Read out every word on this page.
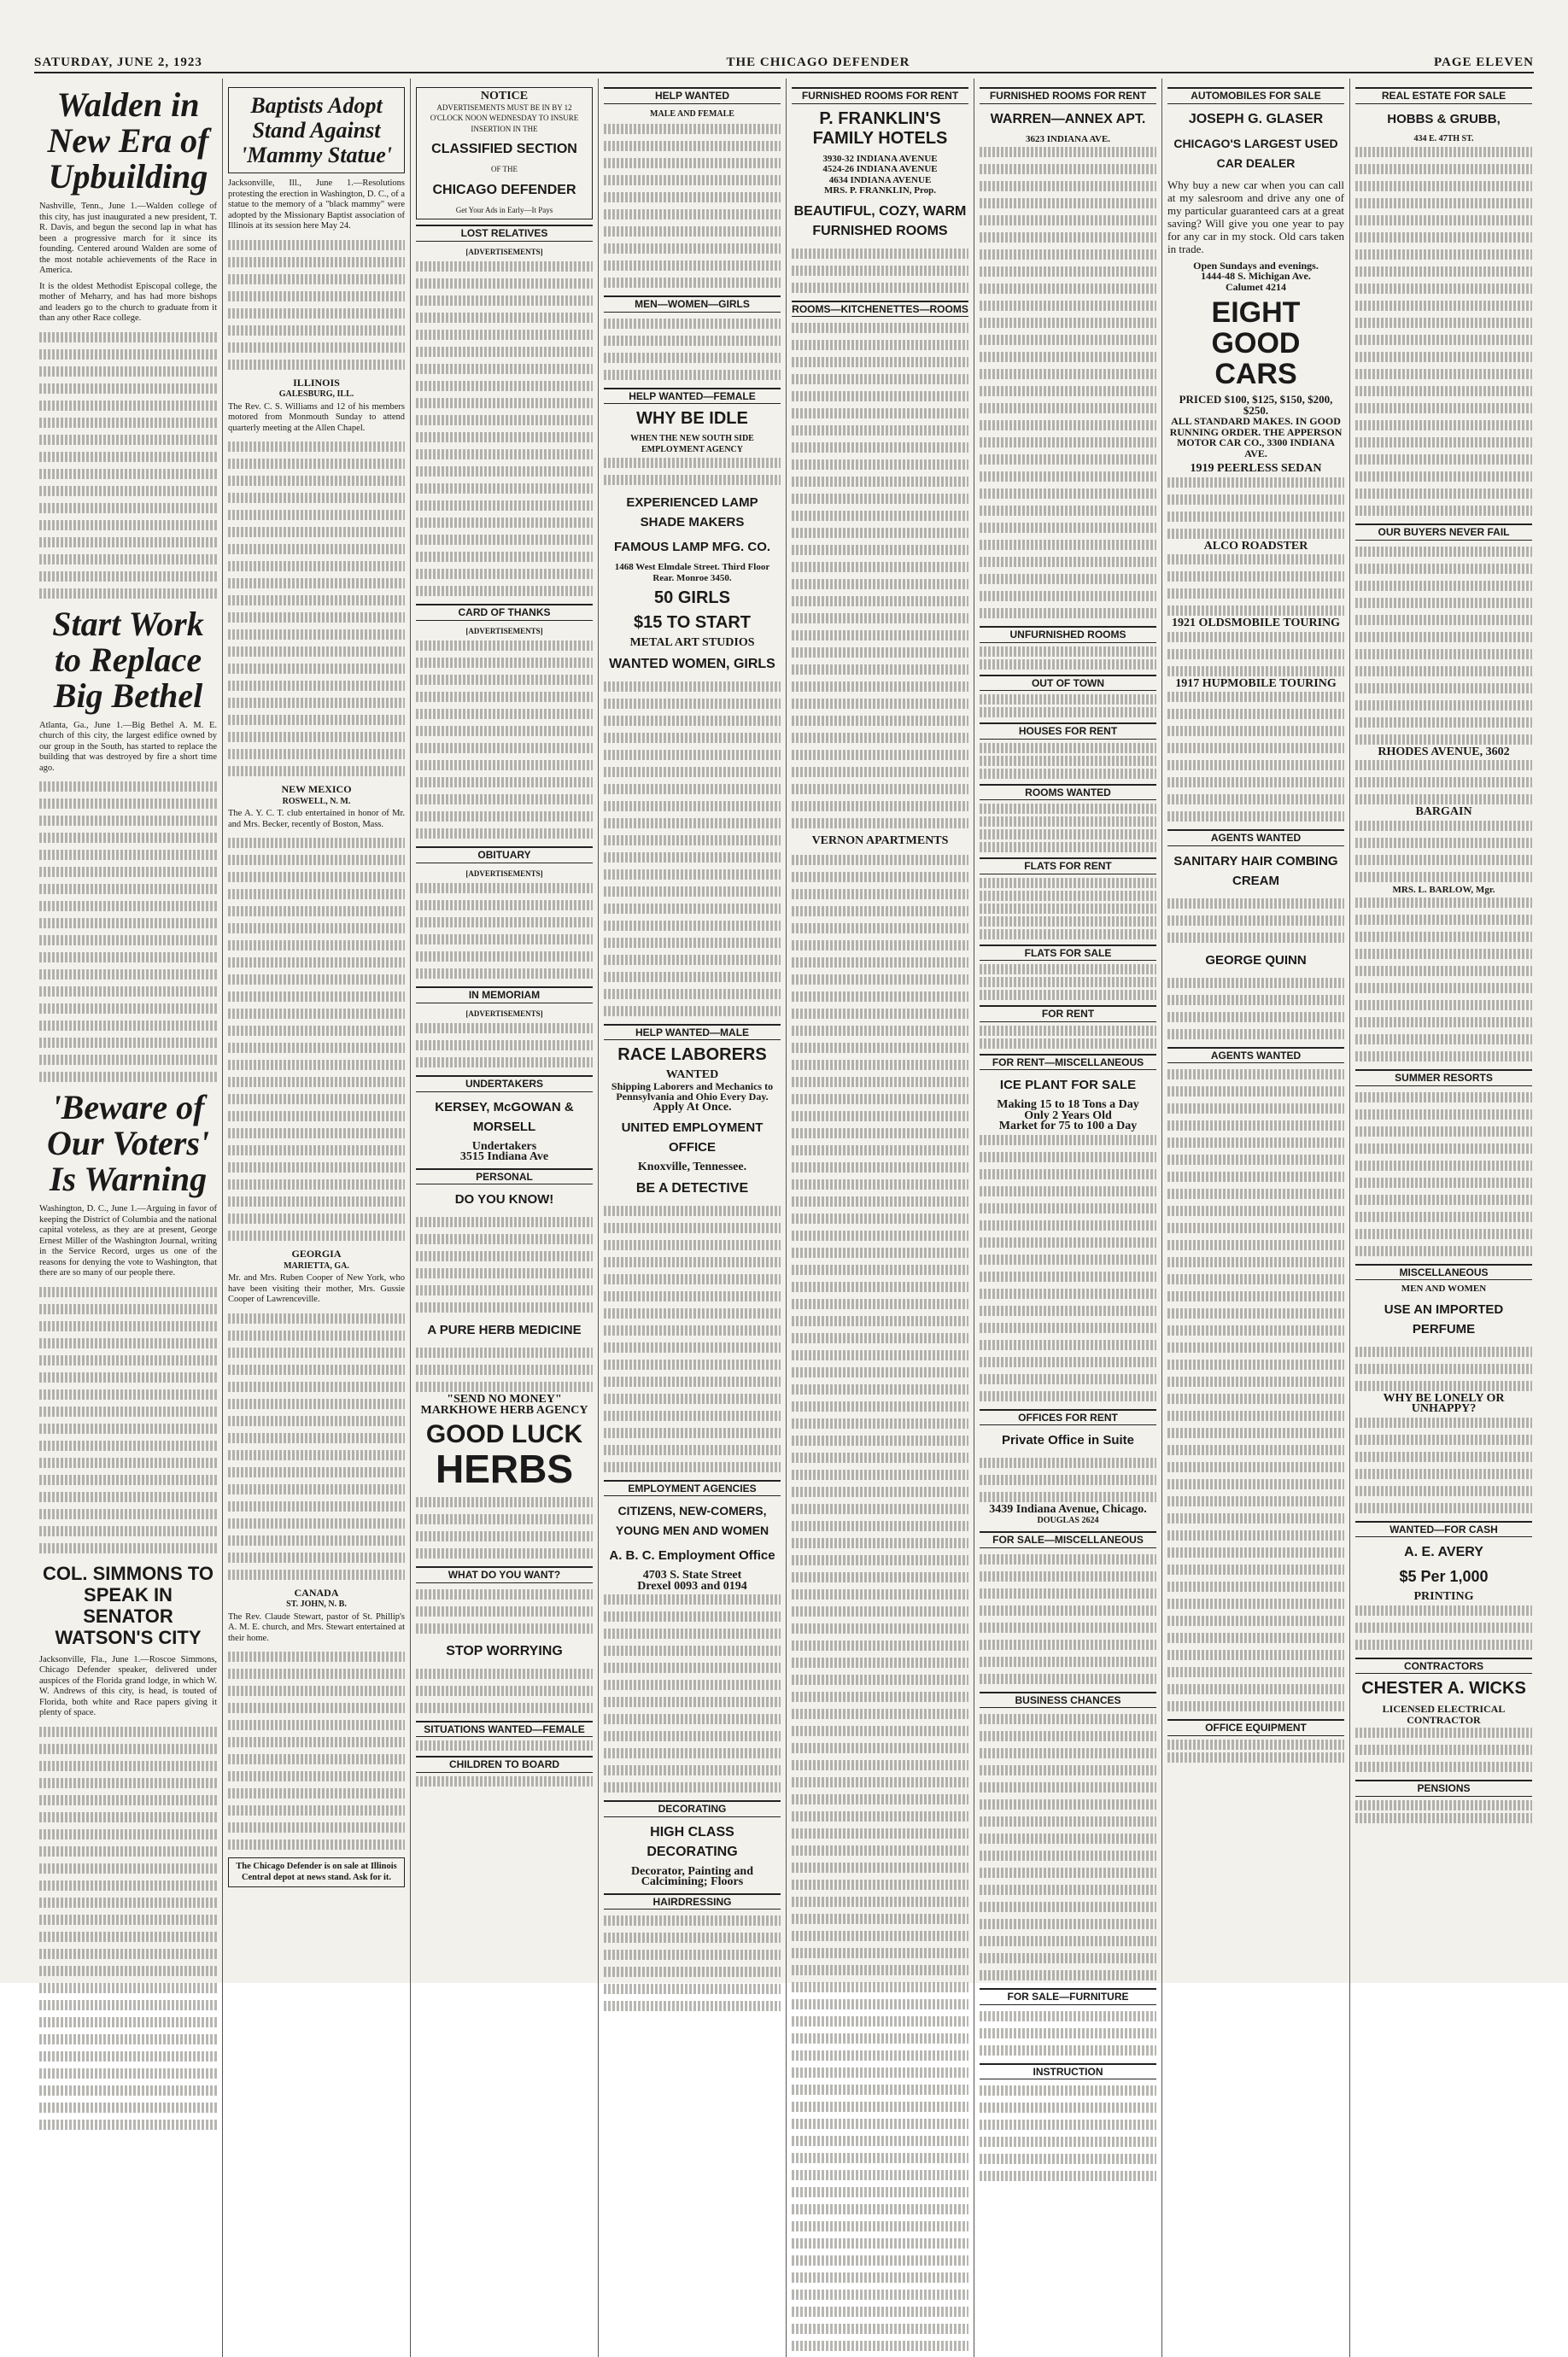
SATURDAY, JUNE 2, 1923	THE CHICAGO DEFENDER	PAGE ELEVEN
Walden in New Era of Upbuilding

Nashville, Tenn., June 1.—Walden college of this city, has just inaugurated a new president, T. R. Davis, and begun the second lap in what has been a progressive march for it since its founding. Centered around Walden are some of the most notable achievements of the Race in America.

It is the oldest Methodist Episcopal college, the mother of Meharry, and has had more bishops and leaders go to the church to graduate from it than any other Race college.

Start Work to Replace Big Bethel

Atlanta, Ga., June 1.—Big Bethel A. M. E. church of this city, the largest edifice owned by our group in the South, has started to replace the building that was destroyed by fire a short time ago.

'Beware of Our Voters' Is Warning

Washington, D. C., June 1.—Arguing in favor of keeping the District of Columbia and the national capital voteless, as they are at present, George Ernest Miller of the Washington Journal, writing in the Service Record, urges us one of the reasons for denying the vote to Washington, that there are so many of our people there.

COL. SIMMONS TO SPEAK IN SENATOR WATSON'S CITY

Jacksonville, Fla., June 1.—Roscoe Simmons, Chicago Defender speaker, delivered under auspices of the Florida grand lodge, in which W. W. Andrews of this city, is head, is touted of Florida, both white and Race papers giving it plenty of space.

Baptists Adopt Stand Against 'Mammy Statue'

Jacksonville, Ill., June 1.—Resolutions protesting the erection in Washington, D. C., of a statue to the memory of a "black mammy" were adopted by the Missionary Baptist association of Illinois at its session here May 24.

ILLINOIS
GALESBURG, ILL.

The Rev. C. S. Williams and 12 of his members motored from Monmouth Sunday to attend quarterly meeting at the Allen Chapel.

NEW MEXICO
ROSWELL, N. M.

The A. Y. C. T. club entertained in honor of Mr. and Mrs. Becker, recently of Boston, Mass.

GEORGIA
MARIETTA, GA.

Mr. and Mrs. Ruben Cooper of New York, who have been visiting their mother, Mrs. Gussie Cooper of Lawrenceville.

CANADA
ST. JOHN, N. B.

The Rev. Claude Stewart, pastor of St. Phillip's A. M. E. church, and Mrs. Stewart entertained at their home.

The Chicago Defender is on sale at Illinois Central depot at news stand. Ask for it.
NOTICE
ADVERTISEMENTS MUST BE IN BY 12 O'CLOCK NOON WEDNESDAY TO INSURE INSERTION IN THE
CLASSIFIED SECTION
OF THE
CHICAGO DEFENDER
Get Your Ads in Early—It Pays
LOST RELATIVES
[ADVERTISEMENTS]
CARD OF THANKS
[ADVERTISEMENTS]
OBITUARY
[ADVERTISEMENTS]
IN MEMORIAM
[ADVERTISEMENTS]
UNDERTAKERS
KERSEY, McGOWAN & MORSELL
Undertakers
3515 Indiana Ave
PERSONAL
DO YOU KNOW!
A PURE HERB MEDICINE
"SEND NO MONEY"
MARKHOWE HERB AGENCY
GOOD LUCK
HERBS
WHAT DO YOU WANT?
STOP WORRYING
SITUATIONS WANTED—FEMALE
CHILDREN TO BOARD
HELP WANTED
MALE AND FEMALE
MEN—WOMEN—GIRLS
HELP WANTED—FEMALE
WHY BE IDLE
WHEN THE NEW SOUTH SIDE EMPLOYMENT AGENCY
EXPERIENCED LAMP SHADE MAKERS
FAMOUS LAMP MFG. CO.
1468 West Elmdale Street. Third Floor Rear. Monroe 3450.
50 GIRLS
$15 TO START
METAL ART STUDIOS
WANTED WOMEN, GIRLS
HELP WANTED—MALE
RACE LABORERS
WANTED
Shipping Laborers and Mechanics to Pennsylvania and Ohio Every Day.
Apply At Once.
UNITED EMPLOYMENT OFFICE
Knoxville, Tennessee.
BE A DETECTIVE
EMPLOYMENT AGENCIES
CITIZENS, NEW-COMERS, YOUNG MEN AND WOMEN
A. B. C. Employment Office
4703 S. State Street
Drexel 0093 and 0194
DECORATING
HIGH CLASS DECORATING
Decorator, Painting and Calcimining; Floors
HAIRDRESSING
FURNISHED ROOMS FOR RENT
P. FRANKLIN'S FAMILY HOTELS
3930-32 INDIANA AVENUE
4524-26 INDIANA AVENUE
4634 INDIANA AVENUE
MRS. P. FRANKLIN, Prop.
BEAUTIFUL, COZY, WARM FURNISHED ROOMS
ROOMS—KITCHENETTES—ROOMS
VERNON APARTMENTS
FURNISHED ROOMS FOR RENT
WARREN—ANNEX APT.
3623 INDIANA AVE.
UNFURNISHED ROOMS
OUT OF TOWN
HOUSES FOR RENT
ROOMS WANTED
FLATS FOR RENT
FLATS FOR SALE
FOR RENT
FOR RENT—MISCELLANEOUS
ICE PLANT FOR SALE
Making 15 to 18 Tons a Day
Only 2 Years Old
Market for 75 to 100 a Day
OFFICES FOR RENT
Private Office in Suite
3439 Indiana Avenue, Chicago.
DOUGLAS 2624
FOR SALE—MISCELLANEOUS
BUSINESS CHANCES
FOR SALE—FURNITURE
INSTRUCTION
AUTOMOBILES FOR SALE
JOSEPH G. GLASER
CHICAGO'S LARGEST USED CAR DEALER

Why buy a new car when you can call at my salesroom and drive any one of my particular guaranteed cars at a great saving? Will give you one year to pay for any car in my stock. Old cars taken in trade.

Open Sundays and evenings.
1444-48 S. Michigan Ave.
Calumet 4214
EIGHT GOOD CARS
PRICED $100, $125, $150, $200, $250.
ALL STANDARD MAKES. IN GOOD RUNNING ORDER. THE APPERSON MOTOR CAR CO., 3300 INDIANA AVE.
1919 PEERLESS SEDAN
ALCO ROADSTER
1921 OLDSMOBILE TOURING
1917 HUPMOBILE TOURING
AGENTS WANTED
SANITARY HAIR COMBING CREAM
GEORGE QUINN
AGENTS WANTED
OFFICE EQUIPMENT
REAL ESTATE FOR SALE
HOBBS & GRUBB,
434 E. 47TH ST.
OUR BUYERS NEVER FAIL
RHODES AVENUE, 3602
BARGAIN
MRS. L. BARLOW, Mgr.
SUMMER RESORTS
MISCELLANEOUS
MEN AND WOMEN
USE AN IMPORTED PERFUME
WHY BE LONELY OR UNHAPPY?
WANTED—FOR CASH
A. E. AVERY
$5 Per 1,000
PRINTING
CONTRACTORS
CHESTER A. WICKS
LICENSED ELECTRICAL CONTRACTOR
PENSIONS
